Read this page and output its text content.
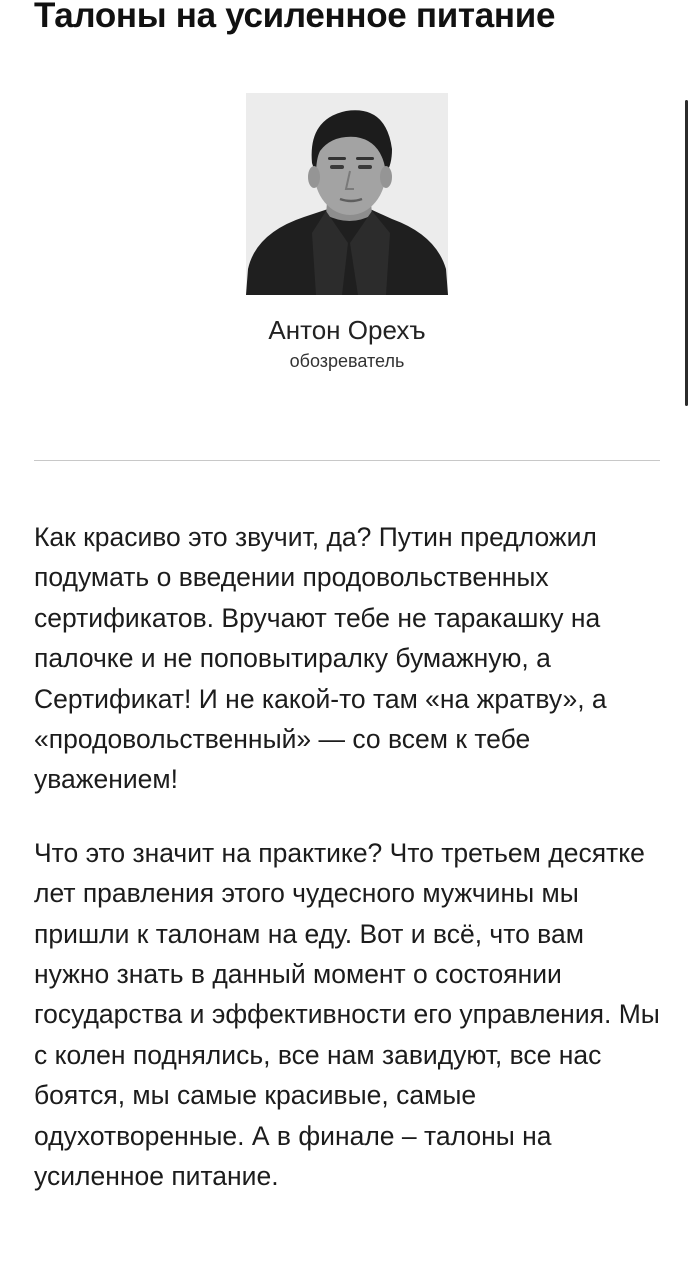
Талоны на усиленное питание
Антон Орехъ
обозреватель

Как красиво это звучит, да? Путин предложил подумать о введении продовольственных сертификатов. Вручают тебе не таракашку на палочке и не поповытиралку бумажную, а Сертификат! И не какой-то там «на жратву», а «продовольственный» — со всем к тебе уважением!

Что это значит на практике? Что третьем десятке лет правления этого чудесного мужчины мы пришли к талонам на еду. Вот и всё, что вам нужно знать в данный момент о состоянии государства и эффективности его управления. Мы с колен поднялись, все нам завидуют, все нас боятся, мы самые красивые, самые одухотворенные. А в финале – талоны на усиленное питание.
